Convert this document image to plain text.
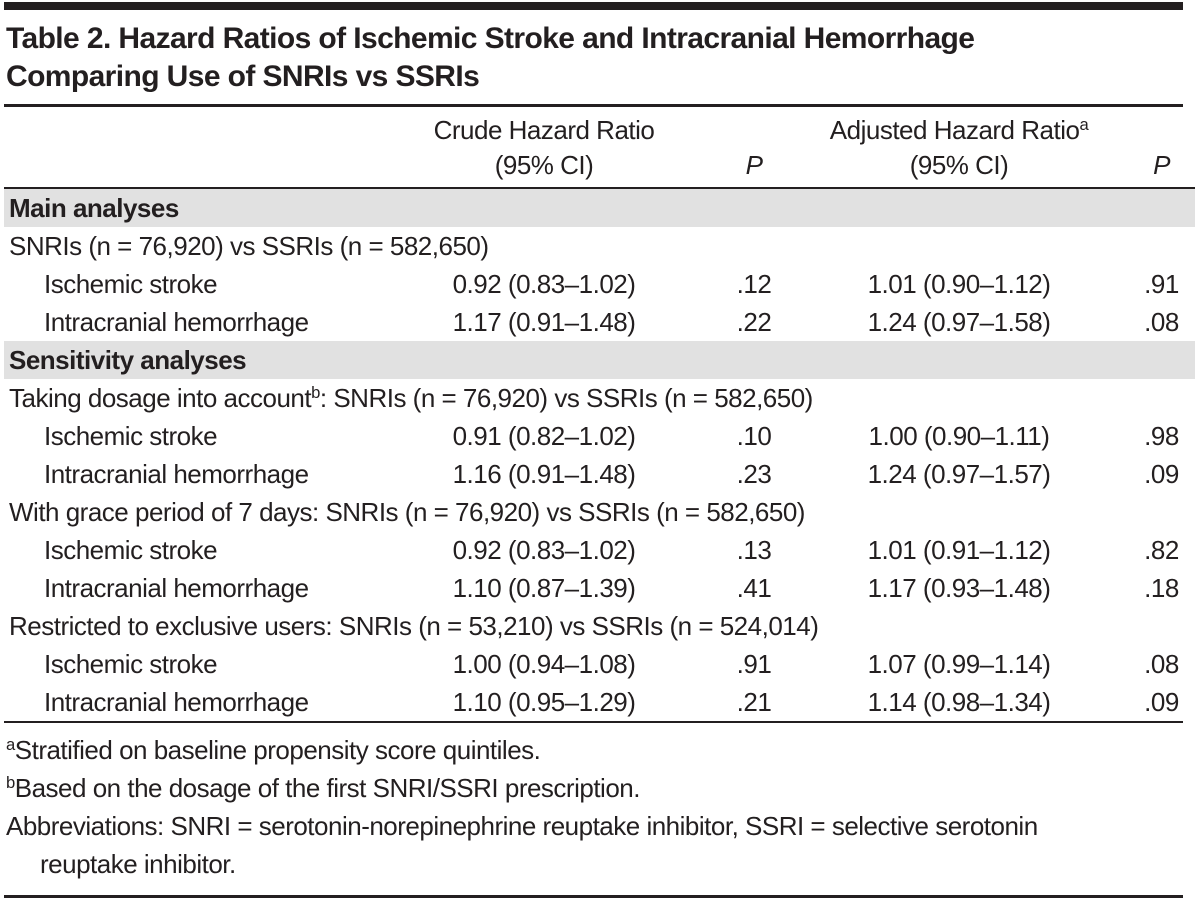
Table 2. Hazard Ratios of Ischemic Stroke and Intracranial Hemorrhage
Comparing Use of SNRIs vs SSRIs
	Crude Hazard Ratio
(95% CI)	P	Adjusted Hazard Ratio$^a$
(95% CI)	P
Main analyses				
SNRIs (n = 76,920) vs SSRIs (n = 582,650)				
Ischemic stroke	0.92 (0.83–1.02)	.12	1.01 (0.90–1.12)	.91
Intracranial hemorrhage	1.17 (0.91–1.48)	.22	1.24 (0.97–1.58)	.08
Sensitivity analyses				
Taking dosage into account$^b$: SNRIs (n = 76,920) vs SSRIs (n = 582,650)				
Ischemic stroke	0.91 (0.82–1.02)	.10	1.00 (0.90–1.11)	.98
Intracranial hemorrhage	1.16 (0.91–1.48)	.23	1.24 (0.97–1.57)	.09
With grace period of 7 days: SNRIs (n = 76,920) vs SSRIs (n = 582,650)				
Ischemic stroke	0.92 (0.83–1.02)	.13	1.01 (0.91–1.12)	.82
Intracranial hemorrhage	1.10 (0.87–1.39)	.41	1.17 (0.93–1.48)	.18
Restricted to exclusive users: SNRIs (n = 53,210) vs SSRIs (n = 524,014)				
Ischemic stroke	1.00 (0.94–1.08)	.91	1.07 (0.99–1.14)	.08
Intracranial hemorrhage	1.10 (0.95–1.29)	.21	1.14 (0.98–1.34)	.09
$^a$Stratified on baseline propensity score quintiles.
$^b$Based on the dosage of the first SNRI/SSRI prescription.
Abbreviations: SNRI = serotonin-norepinephrine reuptake inhibitor, SSRI = selective serotonin reuptake inhibitor.
